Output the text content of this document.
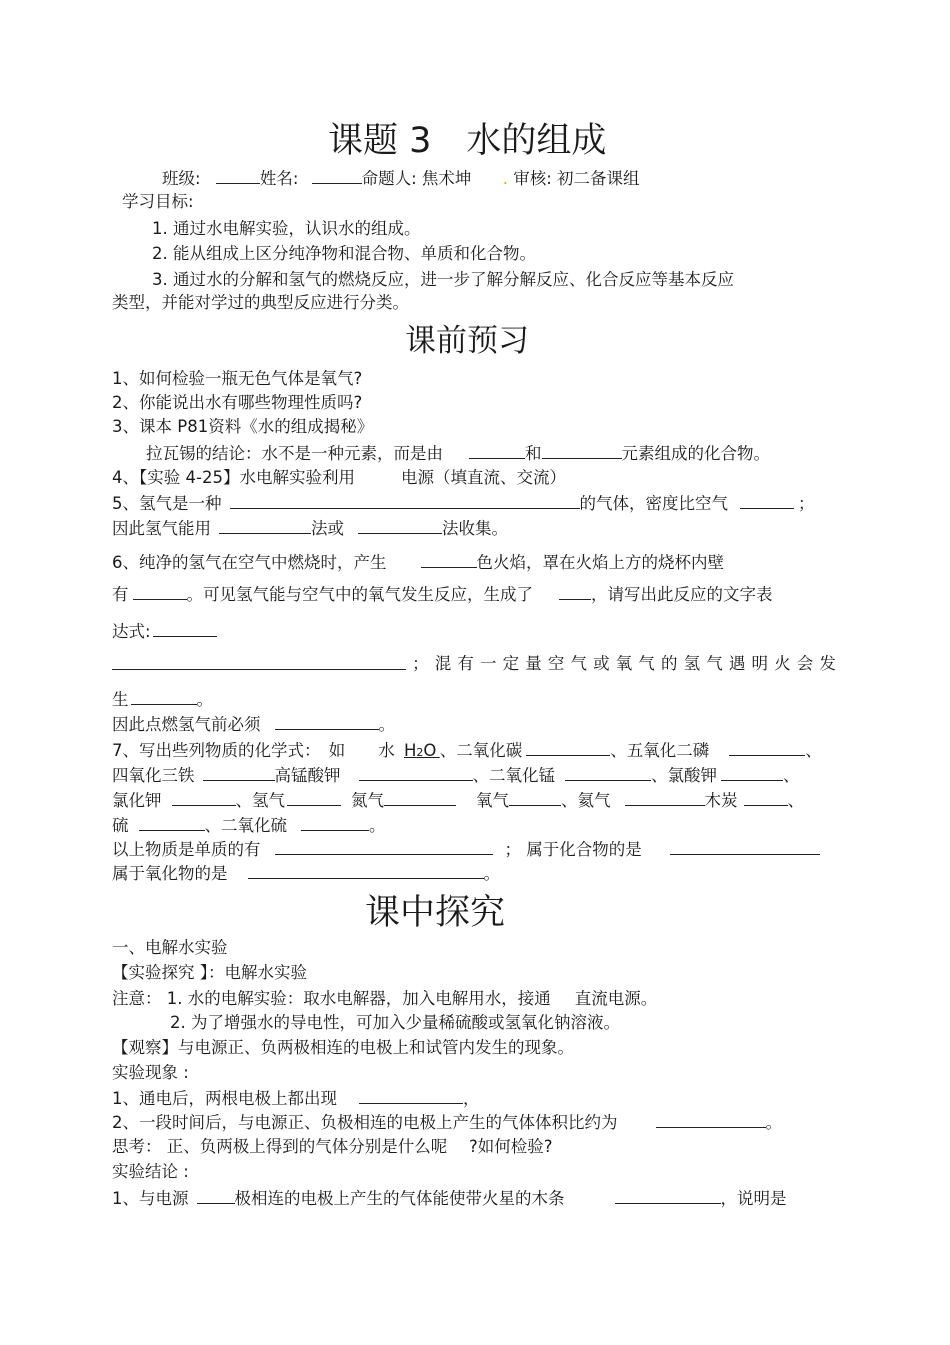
课题 3　水的组成
班级:	姓名:	命题人: 焦术坤 . 审核: 初二备课组
学习目标:
1. 通过水电解实验，认识水的组成。
2. 能从组成上区分纯净物和混合物、单质和化合物。
3. 通过水的分解和氢气的燃烧反应，进一步了解分解反应、化合反应等基本反应
类型，并能对学过的典型反应进行分类。
课前预习
1、如何检验一瓶无色气体是氧气?
2、你能说出水有哪些物理性质吗?
3、课本 P81资料《水的组成揭秘》
拉瓦锡的结论：水不是一种元素，而是由	和	元素组成的化合物。
4、【实验 4-25】水电解实验利用	电源（填直流、交流）
5、氢气是一种	的气体，密度比空气	；
因此氢气能用	法或	法收集。
6、纯净的氢气在空气中燃烧时，产生	色火焰，罩在火焰上方的烧杯内壁
有	。可见氢气能与空气中的氧气发生反应，生成了	，请写出此反应的文字表
达式:
； 混 有 一 定 量 空 气 或 氧 气 的 氢 气 遇 明 火 会 发
生	。
因此点燃氢气前必须	。
7、写出些列物质的化学式：　如　　水 H2O   、二氧化碳	、五氧化二磷	、
四氧化三铁	高锰酸钾	、二氧化锰	、氯酸钾	、
氯化钾	、氢气	氮气	氧气	、氦气	木炭	、
硫	、二氧化硫	。
以上物质是单质的有	； 属于化合物的是
属于氧化物的是	。
课中探究
一、电解水实验
【实验探究 】：电解水实验
注意： 1. 水的电解实验：取水电解器，加入电解用水，接通 直流电源。
2. 为了增强水的导电性，可加入少量稀硫酸或氢氧化钠溶液。
【观察】与电源正、负两极相连的电极上和试管内发生的现象。
实验现象 :
1、通电后，两根电极上都出现	，
2、一段时间后，与电源正、负极相连的电极上产生的气体体积比约为	。
思考： 正、负两极上得到的气体分别是什么呢　 ?如何检验?
实验结论 :
1、与电源	极相连的电极上产生的气体能使带火星的木条	，说明是
